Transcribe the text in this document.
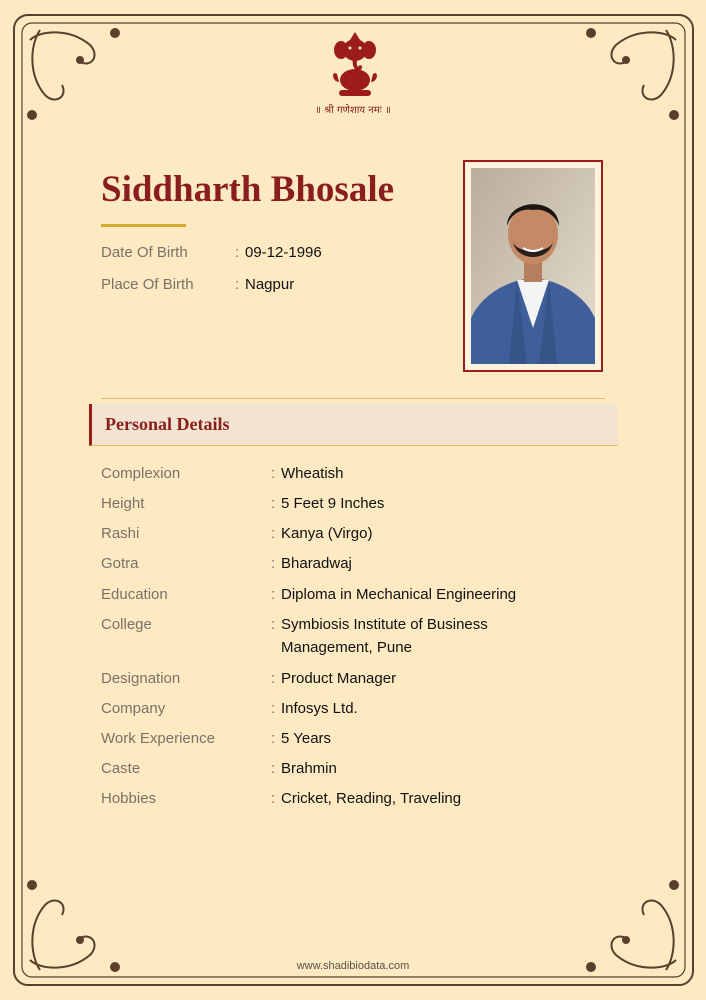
॥ श्री गणेशाय नमः ॥
Siddharth Bhosale
Date Of Birth	: 09-12-1996
Place Of Birth	: Nagpur
Personal Details
Complexion	: Wheatish
Height	: 5 Feet 9 Inches
Rashi	: Kanya (Virgo)
Gotra	: Bharadwaj
Education	: Diploma in Mechanical Engineering
College	: Symbiosis Institute of Business Management, Pune
Designation	: Product Manager
Company	: Infosys Ltd.
Work Experience	: 5 Years
Caste	: Brahmin
Hobbies	: Cricket, Reading, Traveling
www.shadibiodata.com
